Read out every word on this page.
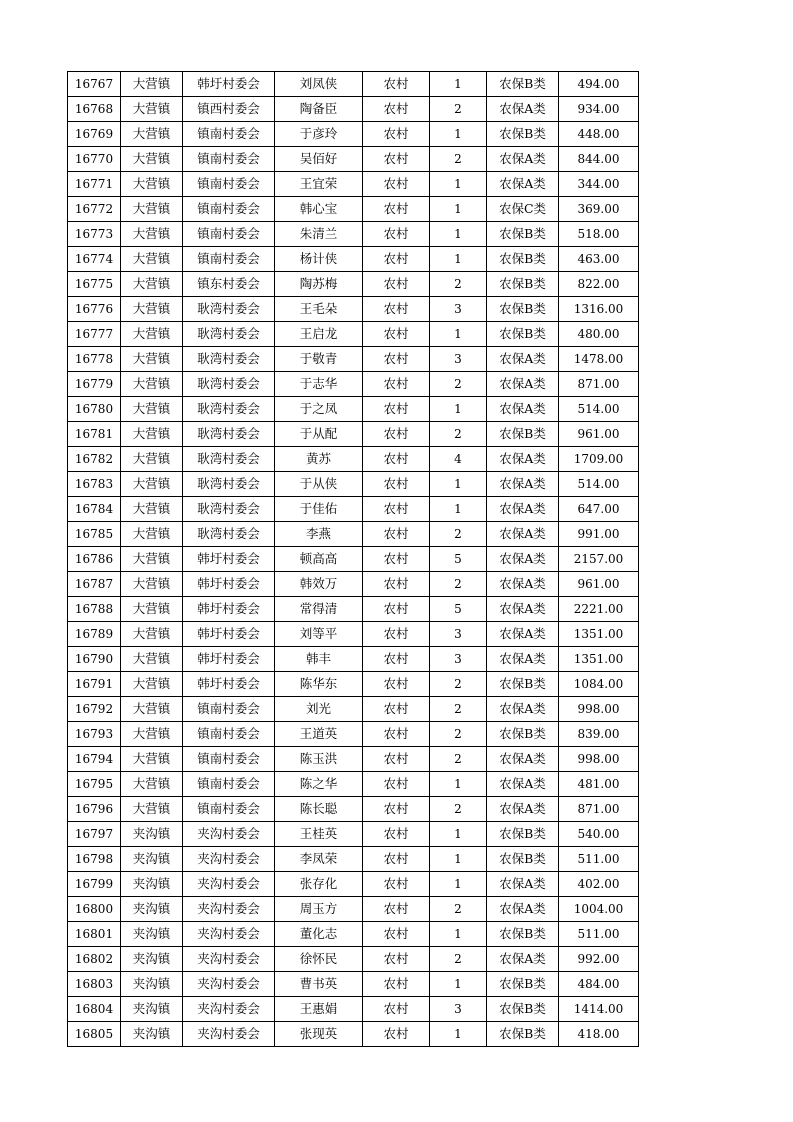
16767	大营镇	韩圩村委会	刘凤侠	农村	1	农保B类	494.00
16768	大营镇	镇西村委会	陶备臣	农村	2	农保A类	934.00
16769	大营镇	镇南村委会	于彦玲	农村	1	农保B类	448.00
16770	大营镇	镇南村委会	吴佰好	农村	2	农保A类	844.00
16771	大营镇	镇南村委会	王宜荣	农村	1	农保A类	344.00
16772	大营镇	镇南村委会	韩心宝	农村	1	农保C类	369.00
16773	大营镇	镇南村委会	朱清兰	农村	1	农保B类	518.00
16774	大营镇	镇南村委会	杨计侠	农村	1	农保B类	463.00
16775	大营镇	镇东村委会	陶苏梅	农村	2	农保B类	822.00
16776	大营镇	耿湾村委会	王毛朵	农村	3	农保B类	1316.00
16777	大营镇	耿湾村委会	王启龙	农村	1	农保B类	480.00
16778	大营镇	耿湾村委会	于敬青	农村	3	农保A类	1478.00
16779	大营镇	耿湾村委会	于志华	农村	2	农保A类	871.00
16780	大营镇	耿湾村委会	于之凤	农村	1	农保A类	514.00
16781	大营镇	耿湾村委会	于从配	农村	2	农保B类	961.00
16782	大营镇	耿湾村委会	黄苏	农村	4	农保A类	1709.00
16783	大营镇	耿湾村委会	于从侠	农村	1	农保A类	514.00
16784	大营镇	耿湾村委会	于佳佑	农村	1	农保A类	647.00
16785	大营镇	耿湾村委会	李燕	农村	2	农保A类	991.00
16786	大营镇	韩圩村委会	顿高高	农村	5	农保A类	2157.00
16787	大营镇	韩圩村委会	韩效万	农村	2	农保A类	961.00
16788	大营镇	韩圩村委会	常得清	农村	5	农保A类	2221.00
16789	大营镇	韩圩村委会	刘等平	农村	3	农保A类	1351.00
16790	大营镇	韩圩村委会	韩丰	农村	3	农保A类	1351.00
16791	大营镇	韩圩村委会	陈华东	农村	2	农保B类	1084.00
16792	大营镇	镇南村委会	刘光	农村	2	农保A类	998.00
16793	大营镇	镇南村委会	王道英	农村	2	农保B类	839.00
16794	大营镇	镇南村委会	陈玉洪	农村	2	农保A类	998.00
16795	大营镇	镇南村委会	陈之华	农村	1	农保A类	481.00
16796	大营镇	镇南村委会	陈长聪	农村	2	农保A类	871.00
16797	夹沟镇	夹沟村委会	王桂英	农村	1	农保B类	540.00
16798	夹沟镇	夹沟村委会	李凤荣	农村	1	农保B类	511.00
16799	夹沟镇	夹沟村委会	张存化	农村	1	农保A类	402.00
16800	夹沟镇	夹沟村委会	周玉方	农村	2	农保A类	1004.00
16801	夹沟镇	夹沟村委会	董化志	农村	1	农保B类	511.00
16802	夹沟镇	夹沟村委会	徐怀民	农村	2	农保A类	992.00
16803	夹沟镇	夹沟村委会	曹书英	农村	1	农保B类	484.00
16804	夹沟镇	夹沟村委会	王惠娟	农村	3	农保B类	1414.00
16805	夹沟镇	夹沟村委会	张现英	农村	1	农保B类	418.00
